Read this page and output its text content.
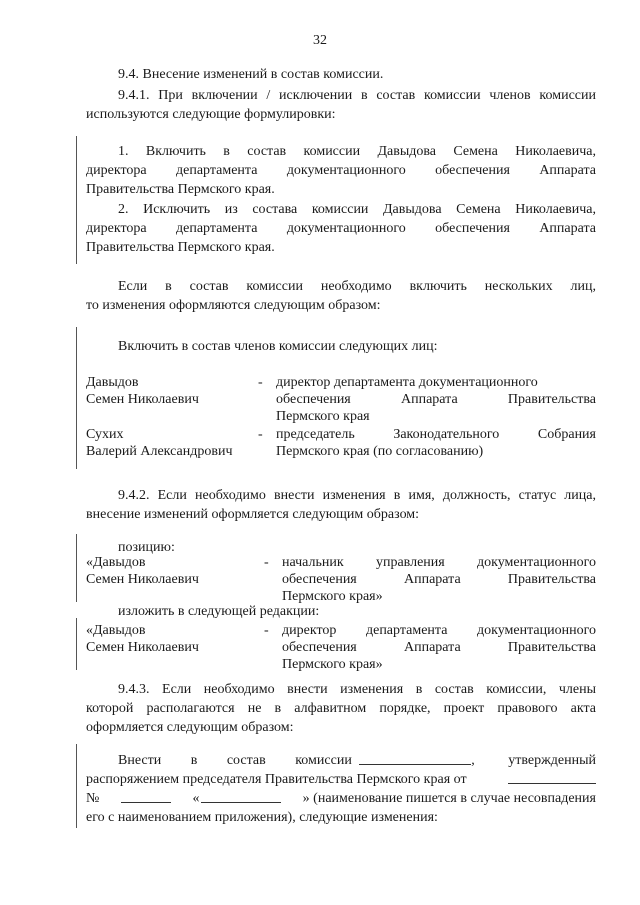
32
9.4. Внесение изменений в состав комиссии.
9.4.1. При включении / исключении в состав комиссии членов комиссии
используются следующие формулировки:
1. Включить в состав комиссии Давыдова Семена Николаевича,
директора департамента документационного обеспечения Аппарата
Правительства Пермского края.
2. Исключить из состава комиссии Давыдова Семена Николаевича,
директора департамента документационного обеспечения Аппарата
Правительства Пермского края.
Если в состав комиссии необходимо включить нескольких лиц,
то изменения оформляются следующим образом:
Включить в состав членов комиссии следующих лиц:
Давыдов
Семен Николаевич
- директор департамента документационного
обеспечения Аппарата Правительства
Пермского края
Сухих
Валерий Александрович
- председатель Законодательного Собрания
Пермского края (по согласованию)
9.4.2. Если необходимо внести изменения в имя, должность, статус лица,
внесение изменений оформляется следующим образом:
позицию:
«Давыдов
Семен Николаевич
- начальник управления документационного
обеспечения Аппарата Правительства
Пермского края»
изложить в следующей редакции:
«Давыдов
Семен Николаевич
- директор департамента документационного
обеспечения Аппарата Правительства
Пермского края»
9.4.3. Если необходимо внести изменения в состав комиссии, члены
которой располагаются не в алфавитном порядке, проект правового акта
оформляется следующим образом:
Внести в состав комиссии	, утвержденный
распоряжением председателя Правительства Пермского края от
№	«	» (наименование пишется в случае несовпадения
его с наименованием приложения), следующие изменения:
